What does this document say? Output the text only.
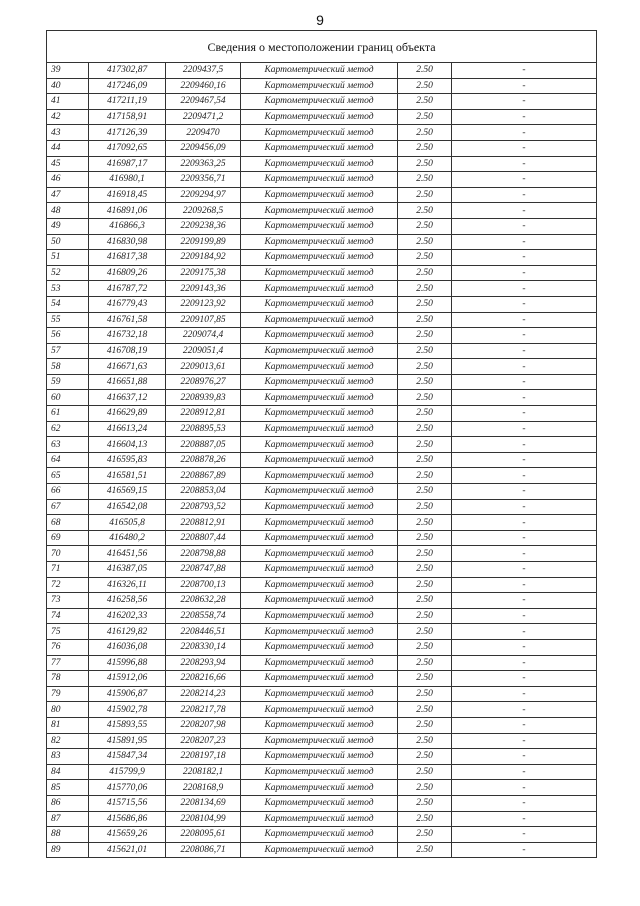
9
Сведения о местоположении границ объекта					
39	417302,87	2209437,5	Картометрический метод	2.50	-
40	417246,09	2209460,16	Картометрический метод	2.50	-
41	417211,19	2209467,54	Картометрический метод	2.50	-
42	417158,91	2209471,2	Картометрический метод	2.50	-
43	417126,39	2209470	Картометрический метод	2.50	-
44	417092,65	2209456,09	Картометрический метод	2.50	-
45	416987,17	2209363,25	Картометрический метод	2.50	-
46	416980,1	2209356,71	Картометрический метод	2.50	-
47	416918,45	2209294,97	Картометрический метод	2.50	-
48	416891,06	2209268,5	Картометрический метод	2.50	-
49	416866,3	2209238,36	Картометрический метод	2.50	-
50	416830,98	2209199,89	Картометрический метод	2.50	-
51	416817,38	2209184,92	Картометрический метод	2.50	-
52	416809,26	2209175,38	Картометрический метод	2.50	-
53	416787,72	2209143,36	Картометрический метод	2.50	-
54	416779,43	2209123,92	Картометрический метод	2.50	-
55	416761,58	2209107,85	Картометрический метод	2.50	-
56	416732,18	2209074,4	Картометрический метод	2.50	-
57	416708,19	2209051,4	Картометрический метод	2.50	-
58	416671,63	2209013,61	Картометрический метод	2.50	-
59	416651,88	2208976,27	Картометрический метод	2.50	-
60	416637,12	2208939,83	Картометрический метод	2.50	-
61	416629,89	2208912,81	Картометрический метод	2.50	-
62	416613,24	2208895,53	Картометрический метод	2.50	-
63	416604,13	2208887,05	Картометрический метод	2.50	-
64	416595,83	2208878,26	Картометрический метод	2.50	-
65	416581,51	2208867,89	Картометрический метод	2.50	-
66	416569,15	2208853,04	Картометрический метод	2.50	-
67	416542,08	2208793,52	Картометрический метод	2.50	-
68	416505,8	2208812,91	Картометрический метод	2.50	-
69	416480,2	2208807,44	Картометрический метод	2.50	-
70	416451,56	2208798,88	Картометрический метод	2.50	-
71	416387,05	2208747,88	Картометрический метод	2.50	-
72	416326,11	2208700,13	Картометрический метод	2.50	-
73	416258,56	2208632,28	Картометрический метод	2.50	-
74	416202,33	2208558,74	Картометрический метод	2.50	-
75	416129,82	2208446,51	Картометрический метод	2.50	-
76	416036,08	2208330,14	Картометрический метод	2.50	-
77	415996,88	2208293,94	Картометрический метод	2.50	-
78	415912,06	2208216,66	Картометрический метод	2.50	-
79	415906,87	2208214,23	Картометрический метод	2.50	-
80	415902,78	2208217,78	Картометрический метод	2.50	-
81	415893,55	2208207,98	Картометрический метод	2.50	-
82	415891,95	2208207,23	Картометрический метод	2.50	-
83	415847,34	2208197,18	Картометрический метод	2.50	-
84	415799,9	2208182,1	Картометрический метод	2.50	-
85	415770,06	2208168,9	Картометрический метод	2.50	-
86	415715,56	2208134,69	Картометрический метод	2.50	-
87	415686,86	2208104,99	Картометрический метод	2.50	-
88	415659,26	2208095,61	Картометрический метод	2.50	-
89	415621,01	2208086,71	Картометрический метод	2.50	-
